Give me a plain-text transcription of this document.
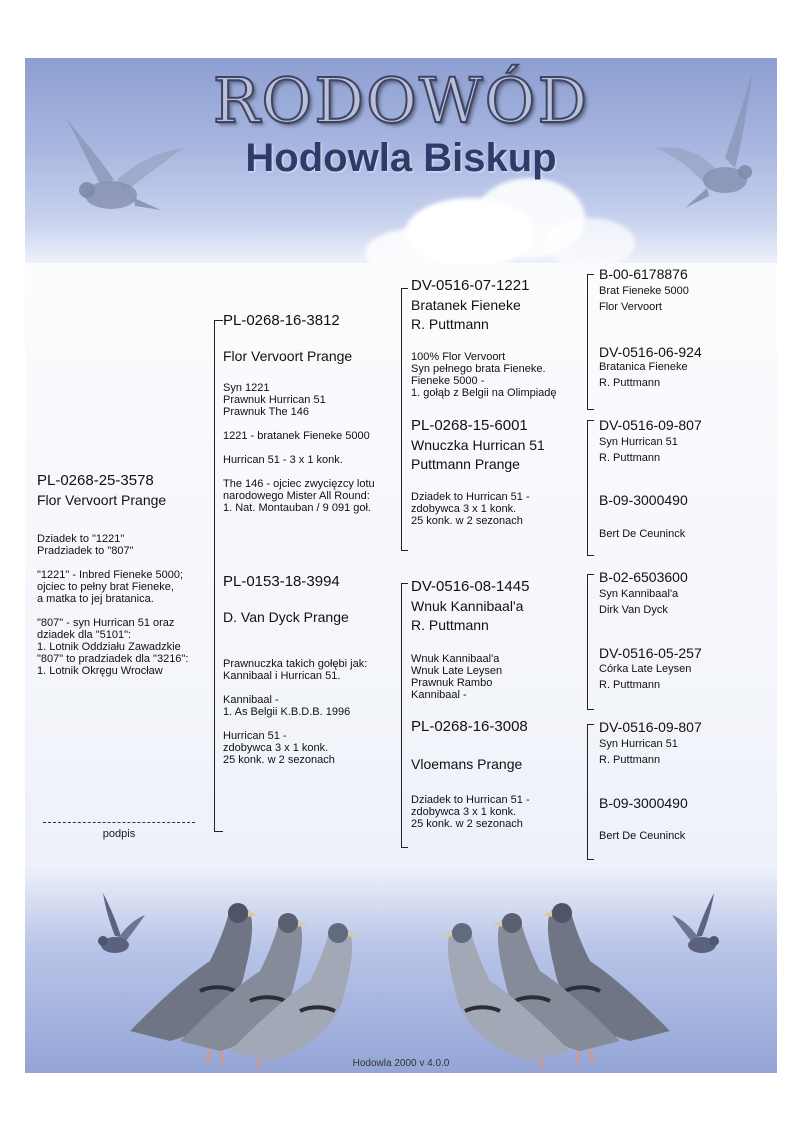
RODOWÓD
Hodowla Biskup
PL-0268-25-3578
Flor Vervoort Prange
Dziadek to "1221"
Pradziadek to "807"

"1221" - Inbred Fieneke 5000;
ojciec to pełny brat Fieneke,
a matka to jej bratanica.

"807" - syn Hurrican 51 oraz
dziadek dla "5101":
1. Lotnik Oddziału Zawadzkie
"807" to pradziadek dla "3216":
1. Lotnik Okręgu Wrocław
podpis
PL-0268-16-3812
Flor Vervoort Prange
Syn 1221
Prawnuk Hurrican 51
Prawnuk The 146

1221 - bratanek Fieneke 5000

Hurrican 51 - 3 x 1 konk.

The 146 - ojciec zwycięzcy lotu
narodowego Mister All Round:
1. Nat. Montauban / 9 091 goł.
PL-0153-18-3994
D. Van Dyck Prange
Prawnuczka takich gołębi jak:
Kannibaal i Hurrican 51.

Kannibaal -
1. As Belgii K.B.D.B. 1996

Hurrican 51 -
zdobywca 3 x 1 konk.
25 konk. w 2 sezonach
DV-0516-07-1221
Bratanek Fieneke
R. Puttmann
100% Flor Vervoort
Syn pełnego brata Fieneke.
Fieneke 5000 -
1. gołąb z Belgii na Olimpiadę
PL-0268-15-6001
Wnuczka Hurrican 51
Puttmann Prange
Dziadek to Hurrican 51 -
zdobywca 3 x 1 konk.
25 konk. w 2 sezonach
DV-0516-08-1445
Wnuk Kannibaal'a
R. Puttmann
Wnuk Kannibaal'a
Wnuk Late Leysen
Prawnuk Rambo
Kannibaal -
PL-0268-16-3008
Vloemans Prange
Dziadek to Hurrican 51 -
zdobywca 3 x 1 konk.
25 konk. w 2 sezonach
B-00-6178876
Brat Fieneke 5000
Flor Vervoort
DV-0516-06-924
Bratanica Fieneke
R. Puttmann
DV-0516-09-807
Syn Hurrican 51
R. Puttmann
B-09-3000490
Bert De Ceuninck
B-02-6503600
Syn Kannibaal'a
Dirk Van Dyck
DV-0516-05-257
Córka Late Leysen
R. Puttmann
DV-0516-09-807
Syn Hurrican 51
R. Puttmann
B-09-3000490
Bert De Ceuninck
Hodowla 2000 v 4.0.0
